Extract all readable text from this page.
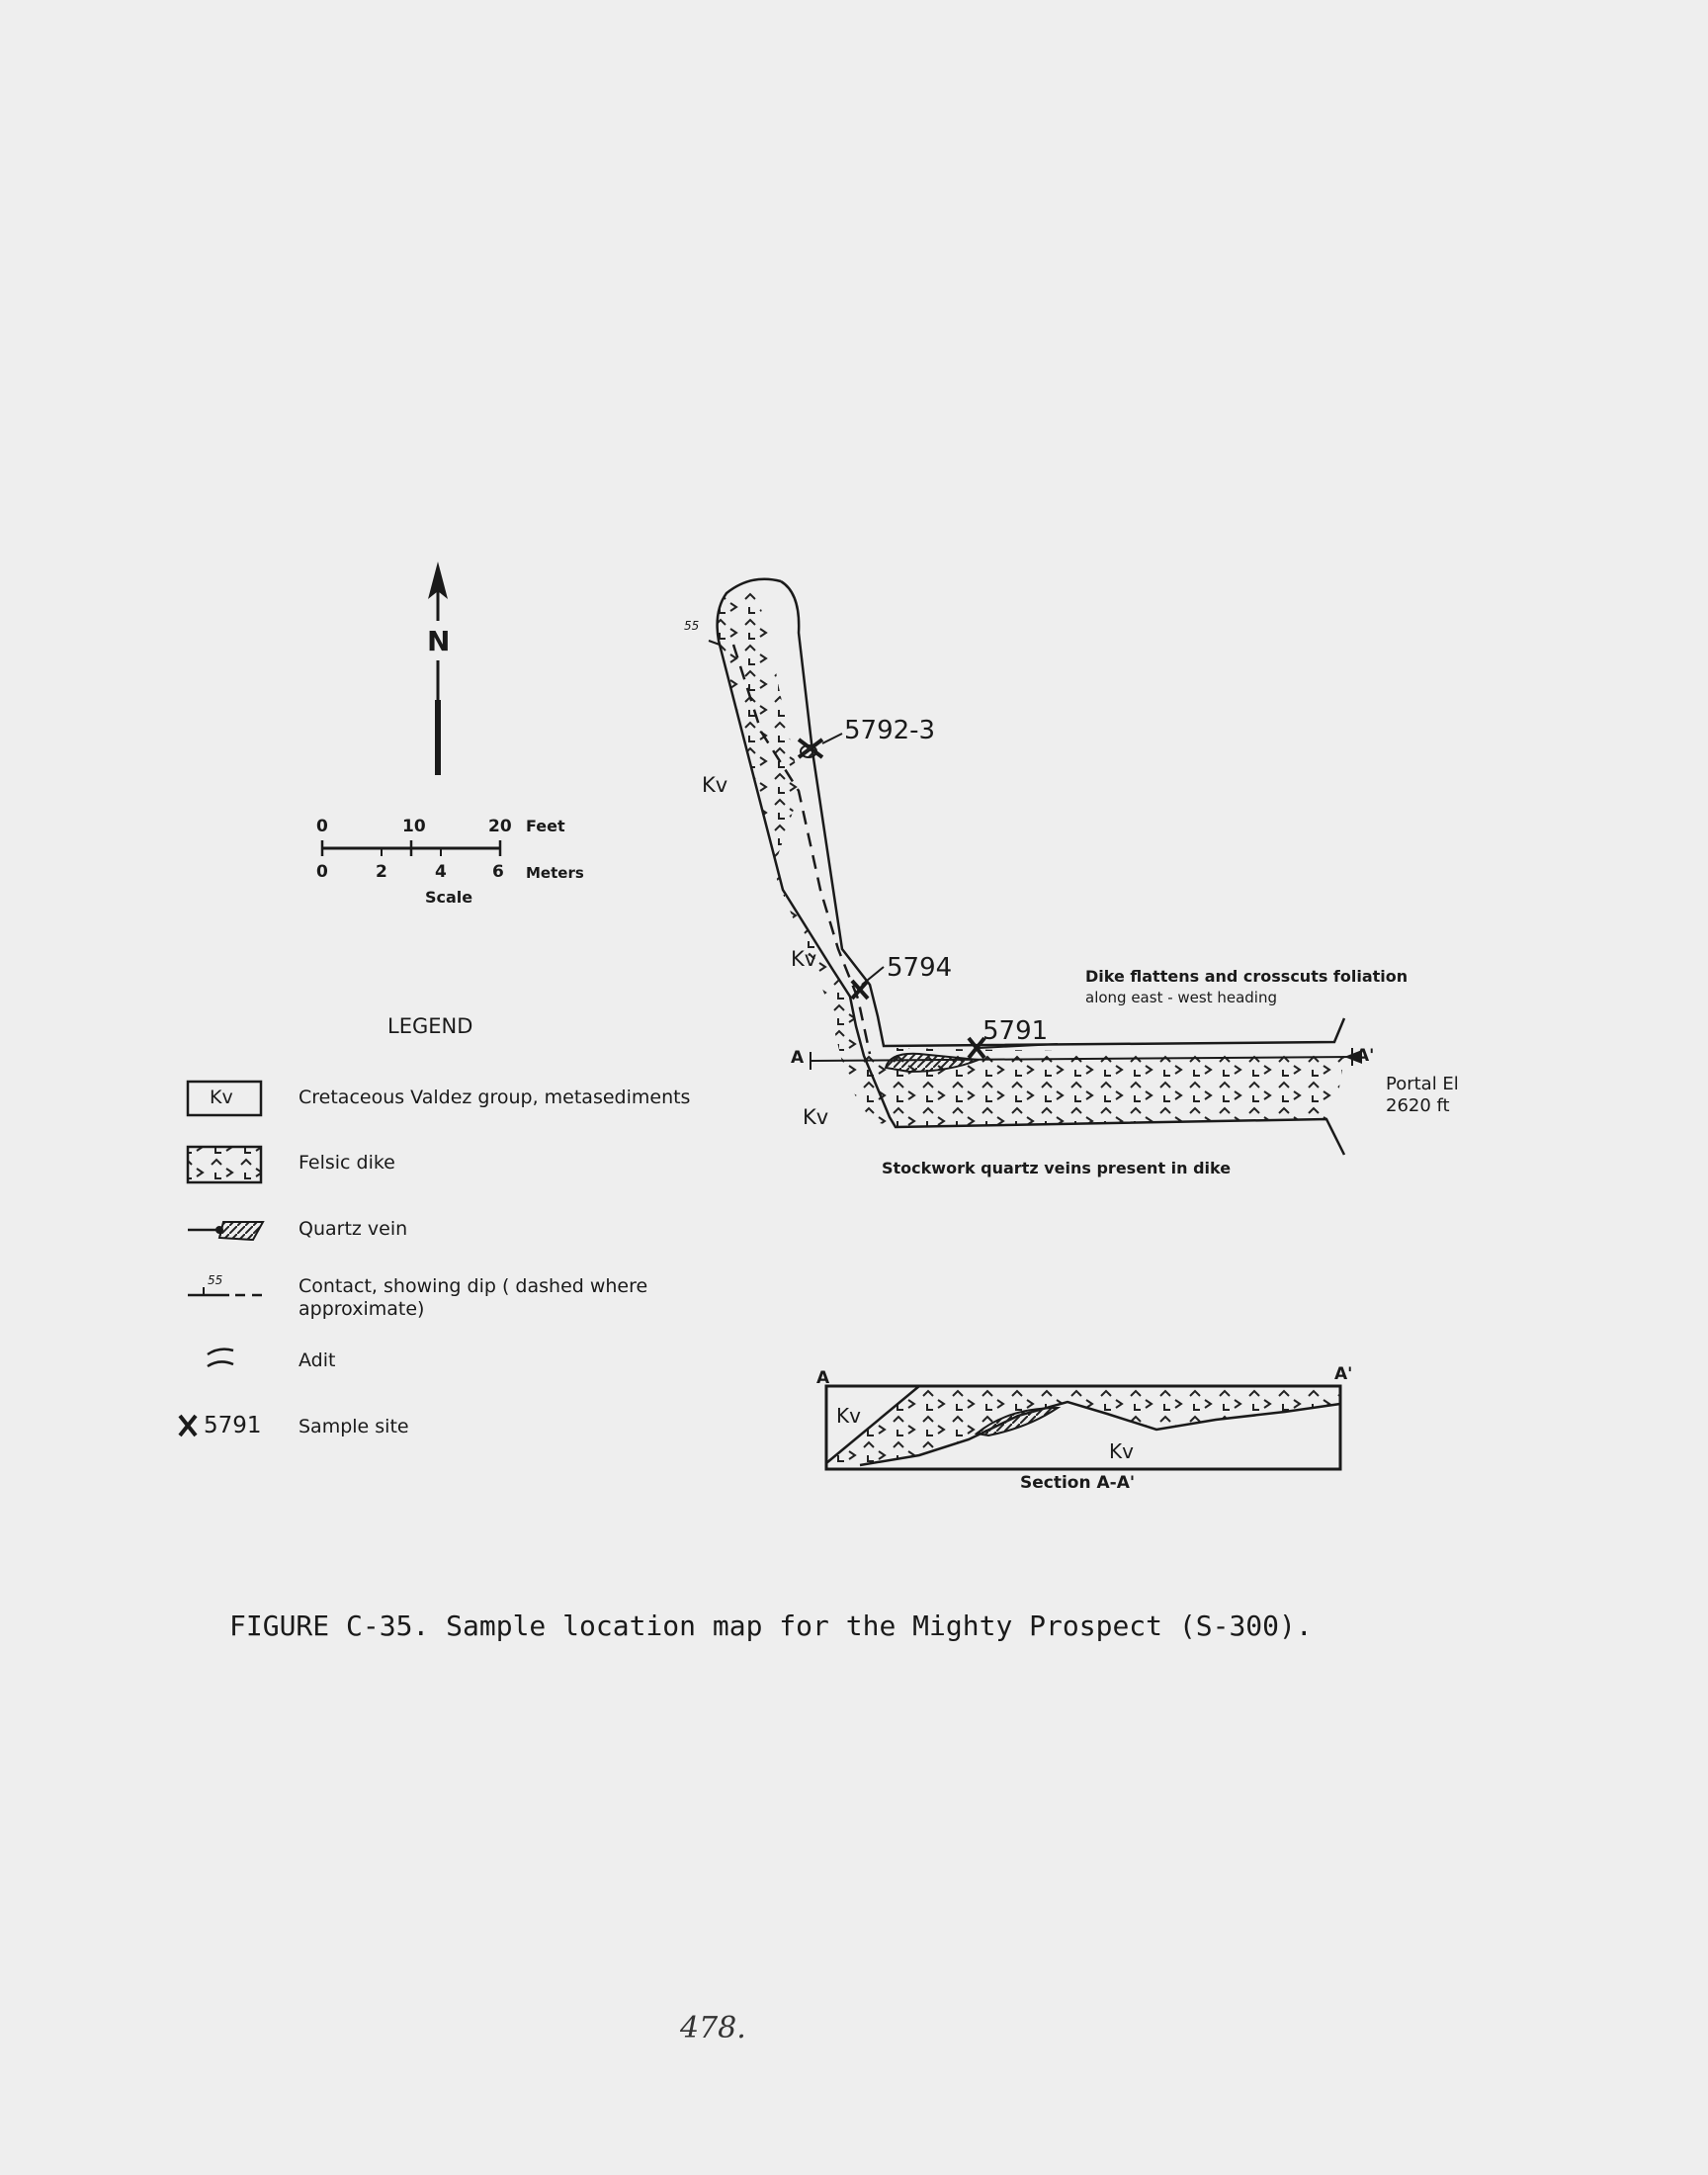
N
0	10	20 Feet
0	2	4	6 Meters
Scale
LEGEND
Kv	Cretaceous Valdez group, metasediments
Felsic dike
Quartz vein
55	Contact, showing dip ( dashed where
approximate)
Adit
5791 Sample site
55
Kv
Kv
Kv
5792-3
5794
5791
A	A'
Portal El
2620 ft
Dike flattens and crosscuts foliation
along east - west heading
Stockwork quartz veins present in dike
A	A'
Kv
Kv
Section A-A'
FIGURE C-35. Sample location map for the Mighty Prospect (S-300).
478.
